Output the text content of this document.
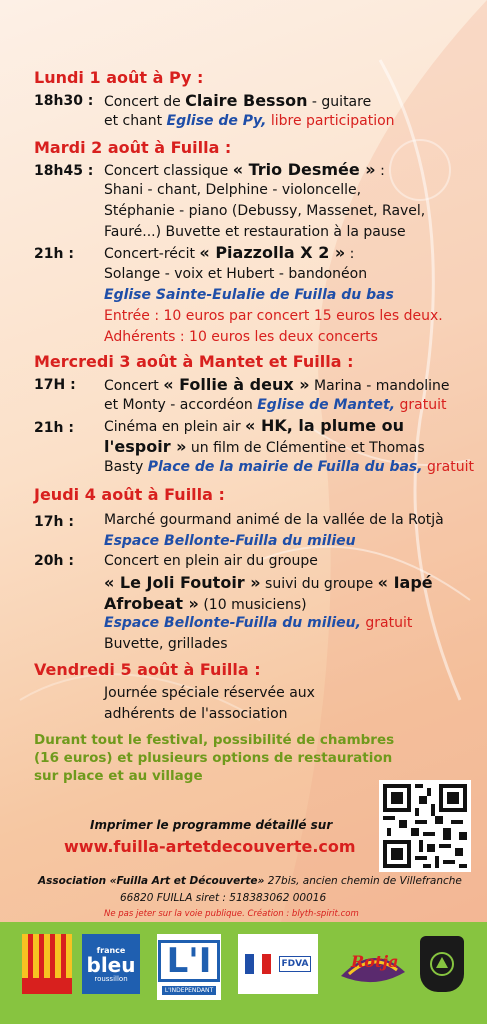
Lundi 1 août à Py :
18h30 : Concert de Claire Besson - guitare
et chant Eglise de Py, libre participation
Mardi 2 août à Fuilla :
18h45 : Concert classique « Trio Desmée » :
Shani - chant, Delphine - violoncelle,
Stéphanie - piano (Debussy, Massenet, Ravel,
Fauré...) Buvette et restauration à la pause
21h : Concert-récit « Piazzolla X 2 » :
Solange - voix et Hubert - bandonéon
Eglise Sainte-Eulalie de Fuilla du bas
Entrée : 10 euros par concert 15 euros les deux.
Adhérents : 10 euros les deux concerts
Mercredi 3 août à Mantet et Fuilla :
17H : Concert « Follie à deux » Marina - mandoline
et Monty - accordéon Eglise de Mantet, gratuit
21h : Cinéma en plein air « HK, la plume ou
l'espoir » un film de Clémentine et Thomas
Basty Place de la mairie de Fuilla du bas, gratuit
Jeudi 4 août à Fuilla :
17h : Marché gourmand animé de la vallée de la Rotjà
Espace Bellonte-Fuilla du milieu
20h : Concert en plein air du groupe
« Le Joli Foutoir » suivi du groupe « Iapé
Afrobeat » (10 musiciens)
Espace Bellonte-Fuilla du milieu, gratuit
Buvette, grillades
Vendredi 5 août à Fuilla :
Journée spéciale réservée aux
adhérents de l'association
Durant tout le festival, possibilité de chambres
(16 euros) et plusieurs options de restauration
sur place et au village
Imprimer le programme détaillé sur
www.fuilla-artetdecouverte.com
Association «Fuilla Art et Découverte» 27bis, ancien chemin de Villefranche
66820 FUILLA siret : 518383062 00016
Ne pas jeter sur la voie publique. Création : blyth-spirit.com
france
bleu
roussillon L'I
L'INDEPENDANT
FDVA	Rotja
